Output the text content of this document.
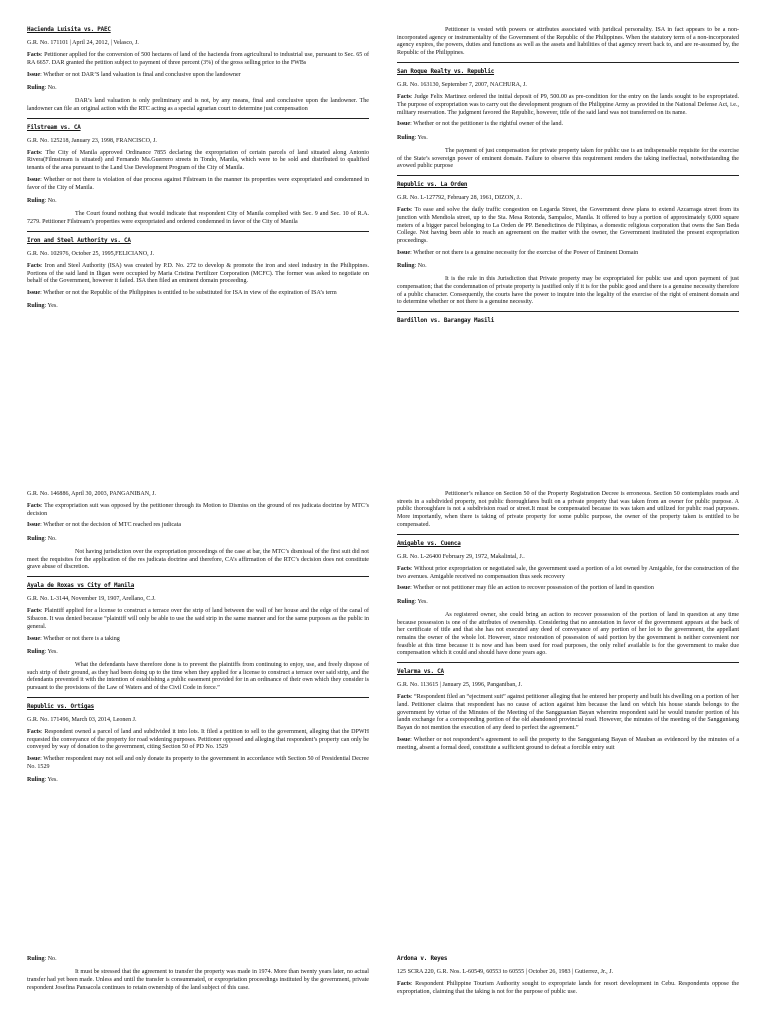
Hacienda Luisita vs. PAEC

G.R. No. 171101 | April 24, 2012, | Velasco, J.

Facts: Petitioner applied for the conversion of 500 hectares of land of the hacienda from agricultural to industrial use, pursuant to Sec. 65 of RA 6657. DAR granted the petition subject to payment of three percent (3%) of the gross selling price to the FWBs

Issue: Whether or not DAR’S land valuation is final and conclusive upon the landowner

Ruling: No.

DAR’s land valuation is only preliminary and is not, by any means, final and conclusive upon the landowner. The landowner can file an original action with the RTC acting as a special agrarian court to determine just compensation

Filstream vs. CA

G.R. No. 125218, January 23, 1998, FRANCISCO, J.

Facts: The City of Manila approved Ordinance 7855 declaring the expropriation of certain parcels of land situated along Antonio Rivera(Filmstream is situated) and Fernando Ma.Guerrero streets in Tondo, Manila, which were to be sold and distributed to qualified tenants of the area pursuant to the Land Use Development Program of the City of Manila.

Issue: Whether or not there is violation of due process against Filstream in the manner its properties were expropriated and condemned in favor of the City of Manila.

Ruling: No.

The Court found nothing that would indicate that respondent City of Manila complied with Sec. 9 and Sec. 10 of R.A. 7279. Petitioner Filstream’s properties were expropriated and ordered condemned in favor of the City of Manila

Iron and Steel Authority vs. CA

G.R. No. 102976, October 25, 1995,FELICIANO, J.

Facts: Iron and Steel Authority (ISA) was created by P.D. No. 272 to develop & promote the iron and steel industry in the Philippines. Portions of the said land in Iligan were occupied by Maria Cristina Fertilizer Corporation (MCFC). The former was asked to negotiate on behalf of the Government, however it failed. ISA then filed an eminent domain proceeding.

Issue: Whether or not the Republic of the Philippines is entitled to be substituted for ISA in view of the expiration of ISA’s term

Ruling: Yes.

Petitioner is vested with powers or attributes associated with juridical personality. ISA in fact appears to be a non-incorporated agency or instrumentality of the Government of the Republic of the Philippines. When the statutory term of a non-incorporated agency expires, the powers, duties and functions as well as the assets and liabilities of that agency revert back to, and are re-assumed by, the Republic of the Philippines.

San Roque Realty vs. Republic

G.R. No. 163130, September 7, 2007, NACHURA, J.

Facts: Judge Felix Martinez ordered the initial deposit of P9, 500.00 as pre-condition for the entry on the lands sought to be expropriated. The purpose of expropriation was to carry out the development program of the Philippine Army as provided in the National Defense Act, i.e., military reservation. The judgment favored the Republic, however, title of the said land was not transferred on its name.

Issue: Whether or not the petitioner is the rightful owner of the land.

Ruling: Yes.

The payment of just compensation for private property taken for public use is an indispensable requisite for the exercise of the State’s sovereign power of eminent domain. Failure to observe this requirement renders the taking ineffectual, notwithstanding the avowed public purpose

Republic vs. La Orden

G.R. No. L-127792, February 28, 1961, DIZON, J..

Facts: To ease and solve the daily traffic congestion on Legarda Street, the Government drew plans to extend Azcarraga street from its junction with Mendiola street, up to the Sta. Mesa Rotonda, Sampaloc, Manila. It offered to buy a portion of approximately 6,000 square meters of a bigger parcel belonging to La Orden de PP. Benedictinos de Filipinas, a domestic religious corporation that owns the San Beda College. Not having been able to reach an agreement on the matter with the owner, the Government instituted the present expropriation proceedings.

Issue: Whether or not there is a genuine necessity for the exercise of the Power of Eminent Domain

Ruling: No.

It is the rule in this Jurisdiction that Private property may be expropriated for public use and upon payment of just compensation; that the condemnation of private property is justified only if it is for the public good and there is a genuine necessity therefore of a public character. Consequently, the courts have the power to inquire into the legality of the exercise of the right of eminent domain and to determine whether or not there is a genuine necessity.

Bardillon vs. Barangay Masili

G.R. No. 146886, April 30, 2003, PANGANIBAN, J.

Facts: The expropriation suit was opposed by the petitioner through its Motion to Dismiss on the ground of res judicata doctrine by MTC’s decision

Issue: Whether or not the decision of MTC reached res judicata

Ruling: No.

Not having jurisdiction over the expropriation proceedings of the case at bar, the MTC’s dismissal of the first suit did not meet the requisites for the application of the res judicata doctrine and therefore, CA’s affirmation of the RTC’s decision does not constitute grave abuse of discretion.

Ayala de Roxas vs City of Manila

G.R. No. L-3144, November 19, 1907, Arellano, C.J.

Facts: Plaintiff applied for a license to construct a terrace over the strip of land between the wall of her house and the edge of the canal of Sibacon. It was denied because “plaintiff will only be able to use the said strip in the same manner and for the same purposes as the public in general.

Issue: Whether or not there is a taking

Ruling: Yes.

What the defendants have therefore done is to prevent the plaintiffs from continuing to enjoy, use, and freely dispose of such strip of their ground, as they had been doing up to the time when they applied for a license to construct a terrace over said strip, and the defendants prevented it with the intention of establishing a public easement provided for in an ordinance of their own which they consider is pursuant to the provisions of the Law of Waters and of the Civil Code in force.”

Republic vs. Ortigas

G.R. No. 171496, March 03, 2014, Leonen J.

Facts: Respondent owned a parcel of land and subdivided it into lots. It filed a petition to sell to the government, alleging that the DPWH requested the conveyance of the property for road widening purposes. Petitioner opposed and alleging that respondent’s property can only be conveyed by way of donation to the government, citing Section 50 of PD No. 1529

Issue: Whether respondent may not sell and only donate its property to the government in accordance with Section 50 of Presidential Decree No. 1529

Ruling: Yes.

Petitioner’s reliance on Section 50 of the Property Registration Decree is erroneous. Section 50 contemplates roads and streets in a subdivided property, not public thoroughfares built on a private property that was taken from an owner for public purpose. A public thoroughfare is not a subdivision road or street.It must be compensated because its was taken and utilized for public road purposes. More importantly, when there is taking of private property for some public purpose, the owner of the property taken is entitled to be compensated.

Amigable vs. Cuenca

G.R. No. L-26400 February 29, 1972, Makalintal, J..

Facts: Without prior expropriation or negotiated sale, the government used a portion of a lot owned by Amigable, for the construction of the two avenues. Amigable received no compensation thus seek recovery

Issue: Whether or not petitioner may file an action to recover possession of the portion of land in question

Ruling: Yes.

As registered owner, she could bring an action to recover possession of the portion of land in question at any time because possession is one of the attributes of ownership. Considering that no annotation in favor of the government appears at the back of her certificate of title and that she has not executed any deed of conveyance of any portion of her lot to the government, the appellant remains the owner of the whole lot. However, since restoration of possession of said portion by the government is neither convenient nor feasible at this time because it is now and has been used for road purposes, the only relief available is for the government to make due compensation which it could and should have done years ago.

Velarma vs. CA

G.R. No. 113615 | January 25, 1996, Panganiban, J.

Facts: “Respondent filed an “ejectment suit” against petitioner alleging that he entered her property and built his dwelling on a portion of her land. Petitioner claims that respondent has no cause of action against him because the land on which his house stands belongs to the government by virtue of the Minutes of the Meeting of the Sangguanian Bayan whereim respondent said he would transfer portion of his landn exchange for a corresponding portion of the old abandoned provincial road. However, the minutes of the meeting of the Sangguniang Bayan do not mention the execution of any deed to perfect the agreement.”

Issue: Whether or not respondent’s agreement to sell the property to the Sangguniang Bayan of Mauban as evidenced by the minutes of a meeting, absent a formal deed, constitute a sufficient ground to defeat a forcible entry suit

Ruling: No.

It must be stressed that the agreement to transfer the property was made in 1974. More than twenty years later, no actual transfer had yet been made. Unless and until the transfer is consummated, or expropriation proceedings instituted by the government, private respondent Josefina Pansacola continues to retain ownership of the land subject of this case.

Ardona v. Reyes

125 SCRA 220, G.R. Nos. L-60549, 60553 to 60555 | October 26, 1983 | Gutierrez, Jr., J.

Facts: Respondent Philippine Tourism Authority sought to expropriate lands for resort development in Cebu. Respondents oppose the expropriation, claiming that the taking is not for the purpose of public use.
